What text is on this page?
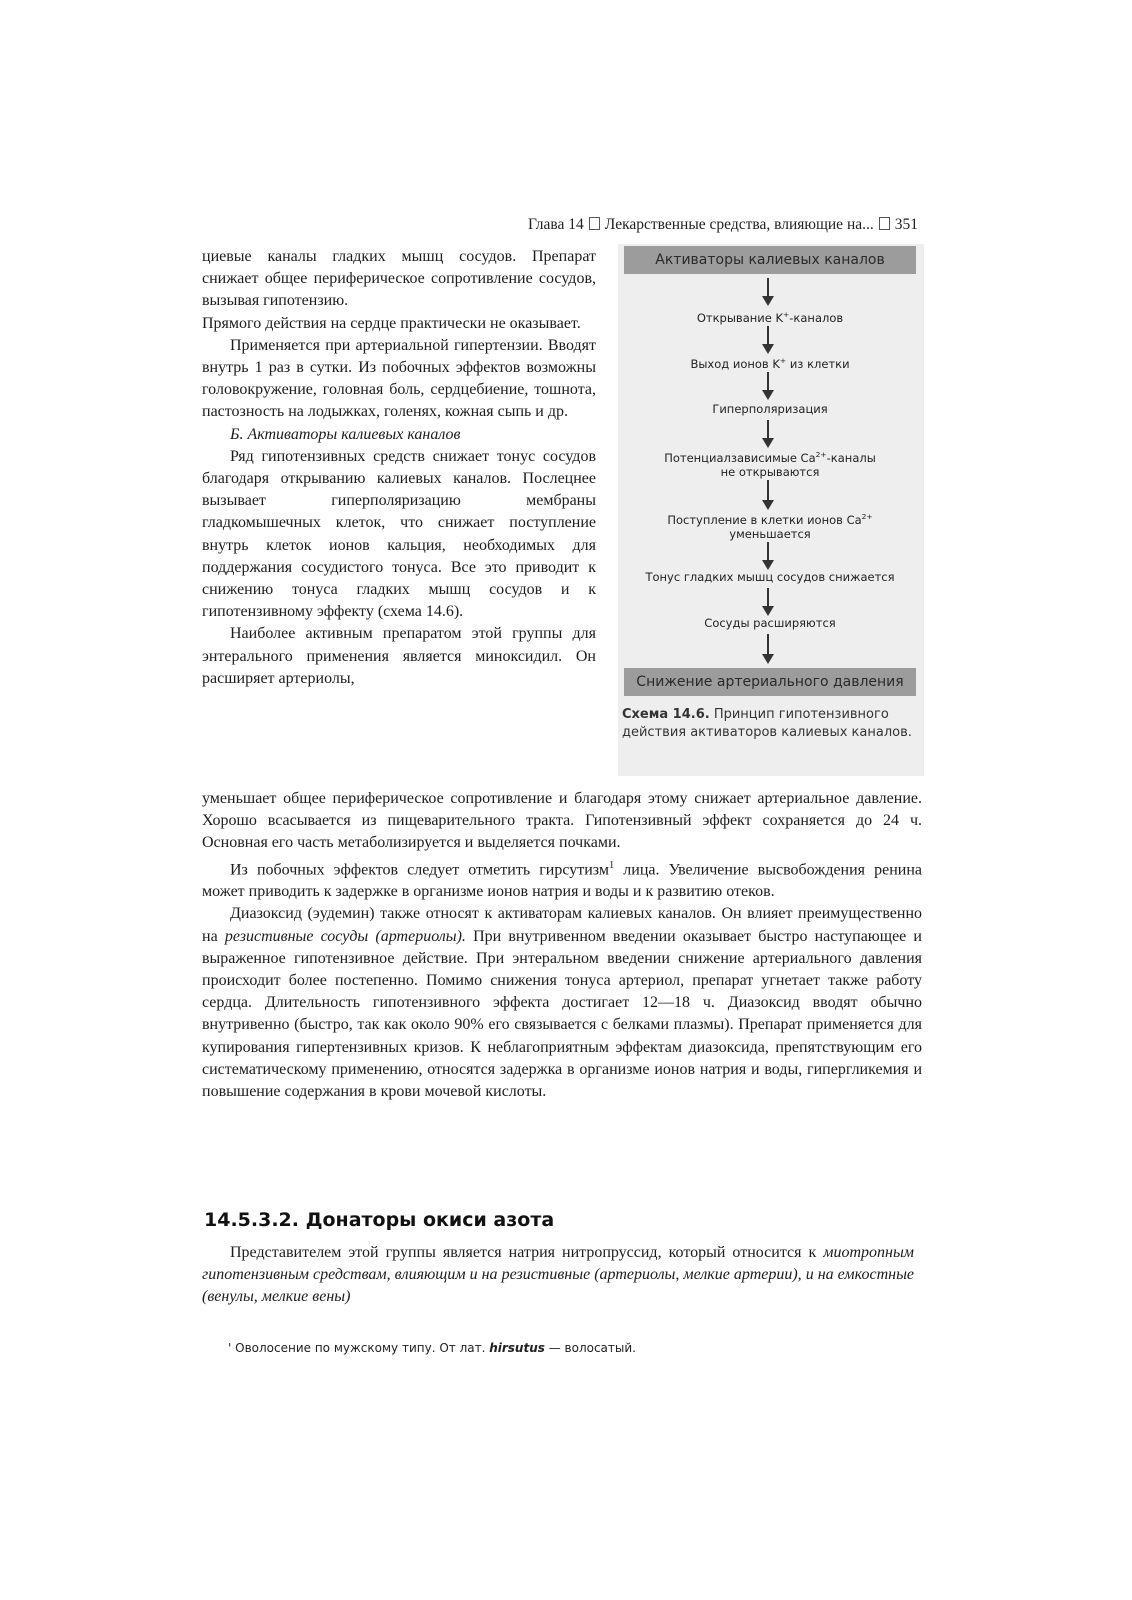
Глава 14 Лекарственные средства, влияющие на... 351

циевые каналы гладких мышц сосудов. Препарат снижает общее периферическое сопротивление сосудов, вызывая гипотензию.

Прямого действия на сердце практически не оказывает.

Применяется при артериальной гипертензии. Вводят внутрь 1 раз в сутки. Из побочных эффектов возможны головокружение, головная боль, сердцебиение, тошнота, пастозность на лодыжках, голенях, кожная сыпь и др.

Б. Активаторы калиевых каналов

Ряд гипотензивных средств снижает тонус сосудов благодаря открыванию калиевых каналов. Послецнее вызывает гиперполяризацию мембраны гладкомышечных клеток, что снижает поступление внутрь клеток ионов кальция, необходимых для поддержания сосудистого тонуса. Все это приводит к снижению тонуса гладких мышц сосудов и к гипотензивному эффекту (схема 14.6).

Наиболее активным препаратом этой группы для энтерального применения является миноксидил. Он расширяет артериолы,

Активаторы калиевых каналов
Открывание K+-каналов
Выход ионов K+ из клетки
Гиперполяризация
Потенциалзависимые $Ca^{2+}$-каналы
не открываются
Поступление в клетки ионов $Ca^{2+}$
уменьшается
Тонус гладких мышц сосудов снижается
Сосуды расширяются
Снижение артериального давления
Схема 14.6. Принцип гипотензивного действия активаторов калиевых каналов.

уменьшает общее периферическое сопротивление и благодаря этому снижает артериальное давление. Хорошо всасывается из пищеварительного тракта. Гипотензивный эффект сохраняется до 24 ч. Основная его часть метаболизируется и выделяется почками.

Из побочных эффектов следует отметить гирсутизм$^1$ лица. Увеличение высвобождения ренина может приводить к задержке в организме ионов натрия и воды и к развитию отеков.

Диазоксид (эудемин) также относят к активаторам калиевых каналов. Он влияет преимущественно на резистивные сосуды (артериолы). При внутривенном введении оказывает быстро наступающее и выраженное гипотензивное действие. При энтеральном введении снижение артериального давления происходит более постепенно. Помимо снижения тонуса артериол, препарат угнетает также работу сердца. Длительность гипотензивного эффекта достигает 12—18 ч. Диазоксид вводят обычно внутривенно (быстро, так как около 90% его связывается с белками плазмы). Препарат применяется для купирования гипертензивных кризов. К неблагоприятным эффектам диазоксида, препятствующим его систематическому применению, относятся задержка в организме ионов натрия и воды, гипергликемия и повышение содержания в крови мочевой кислоты.

14.5.3.2. Донаторы окиси азота

Представителем этой группы является натрия нитропруссид, который относится к миотропным гипотензивным средствам, влияющим и на резистивные (артериолы, мелкие артерии), и на емкостные (венулы, мелкие вены)

' Оволосение по мужскому типу. От лат. hirsutus — волосатый.
